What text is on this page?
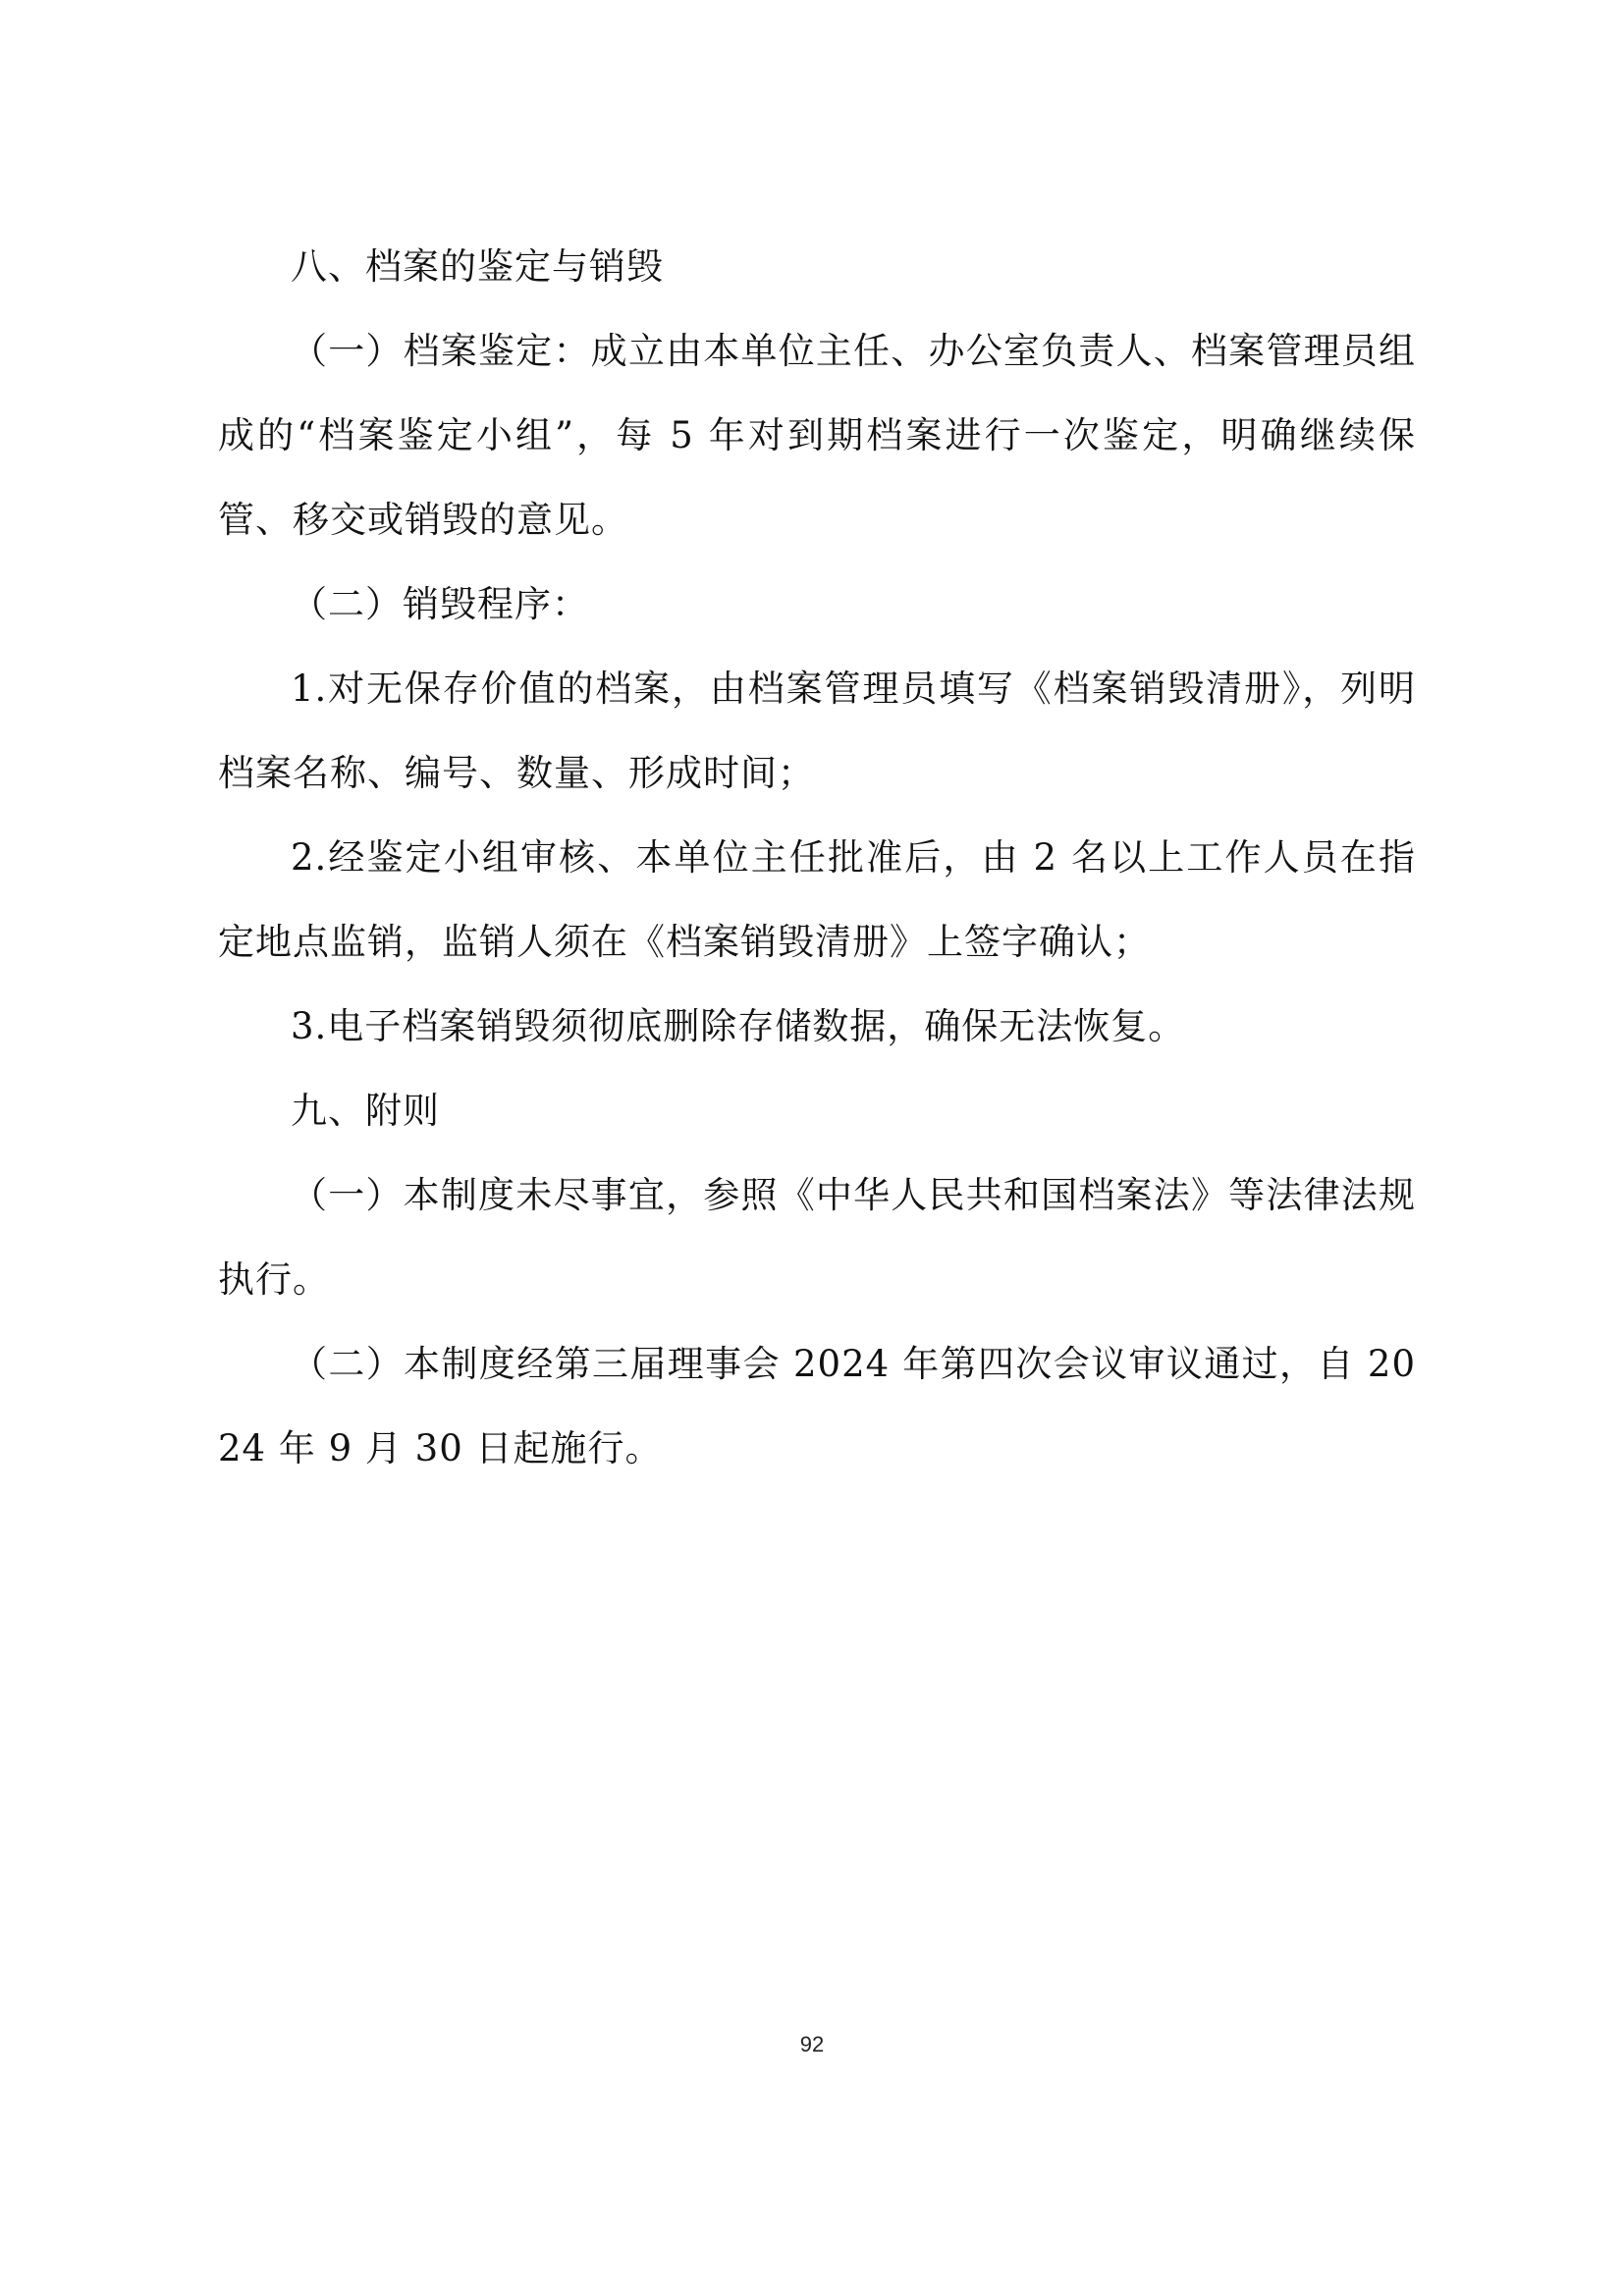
八、档案的鉴定与销毁

（一）档案鉴定：成立由本单位主任、办公室负责人、档案管理员组成的“档案鉴定小组”，每 5 年对到期档案进行一次鉴定，明确继续保管、移交或销毁的意见。

（二）销毁程序：

1.对无保存价值的档案，由档案管理员填写《档案销毁清册》，列明档案名称、编号、数量、形成时间；

2.经鉴定小组审核、本单位主任批准后，由 2 名以上工作人员在指定地点监销，监销人须在《档案销毁清册》上签字确认；

3.电子档案销毁须彻底删除存储数据，确保无法恢复。

九、附则

（一）本制度未尽事宜，参照《中华人民共和国档案法》等法律法规执行。

（二）本制度经第三届理事会 2024 年第四次会议审议通过，自 2024 年 9 月 30 日起施行。

92
